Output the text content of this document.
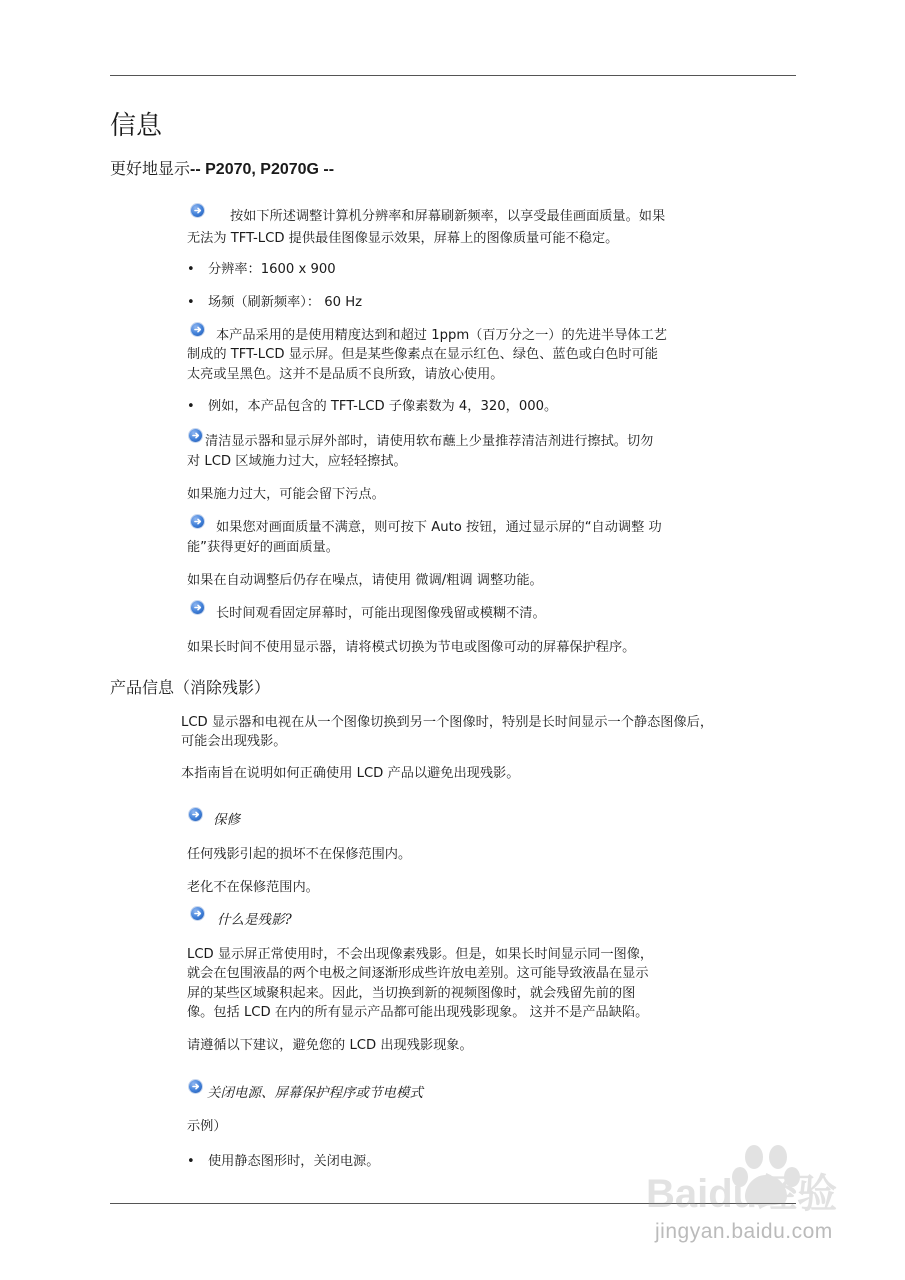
信息
更好地显示-- P2070, P2070G --

按如下所述调整计算机分辨率和屏幕刷新频率，以享受最佳画面质量。如果

无法为 TFT-LCD 提供最佳图像显示效果，屏幕上的图像质量可能不稳定。

• 分辨率：1600 x 900

• 场频（刷新频率）： 60 Hz

本产品采用的是使用精度达到和超过 1ppm（百万分之一）的先进半导体工艺

制成的 TFT-LCD 显示屏。但是某些像素点在显示红色、绿色、蓝色或白色时可能

太亮或呈黑色。这并不是品质不良所致，请放心使用。

• 例如，本产品包含的 TFT-LCD 子像素数为 4，320，000。

清洁显示器和显示屏外部时，请使用软布蘸上少量推荐清洁剂进行擦拭。切勿

对 LCD 区域施力过大，应轻轻擦拭。

如果施力过大，可能会留下污点。

如果您对画面质量不满意，则可按下 Auto 按钮，通过显示屏的“自动调整 功

能”获得更好的画面质量。

如果在自动调整后仍存在噪点，请使用 微调/粗调 调整功能。

长时间观看固定屏幕时，可能出现图像残留或模糊不清。

如果长时间不使用显示器，请将模式切换为节电或图像可动的屏幕保护程序。

产品信息（消除残影）

LCD 显示器和电视在从一个图像切换到另一个图像时，特别是长时间显示一个静态图像后，

可能会出现残影。

本指南旨在说明如何正确使用 LCD 产品以避免出现残影。

保修

任何残影引起的损坏不在保修范围内。

老化不在保修范围内。

什么是残影?

LCD 显示屏正常使用时，不会出现像素残影。但是，如果长时间显示同一图像，

就会在包围液晶的两个电极之间逐渐形成些许放电差别。这可能导致液晶在显示

屏的某些区域聚积起来。因此，当切换到新的视频图像时，就会残留先前的图

像。包括 LCD 在内的所有显示产品都可能出现残影现象。 这并不是产品缺陷。

请遵循以下建议，避免您的 LCD 出现残影现象。

关闭电源、屏幕保护程序或节电模式

示例）

• 使用静态图形时，关闭电源。

Baidu经验
jingyan.baidu.com
